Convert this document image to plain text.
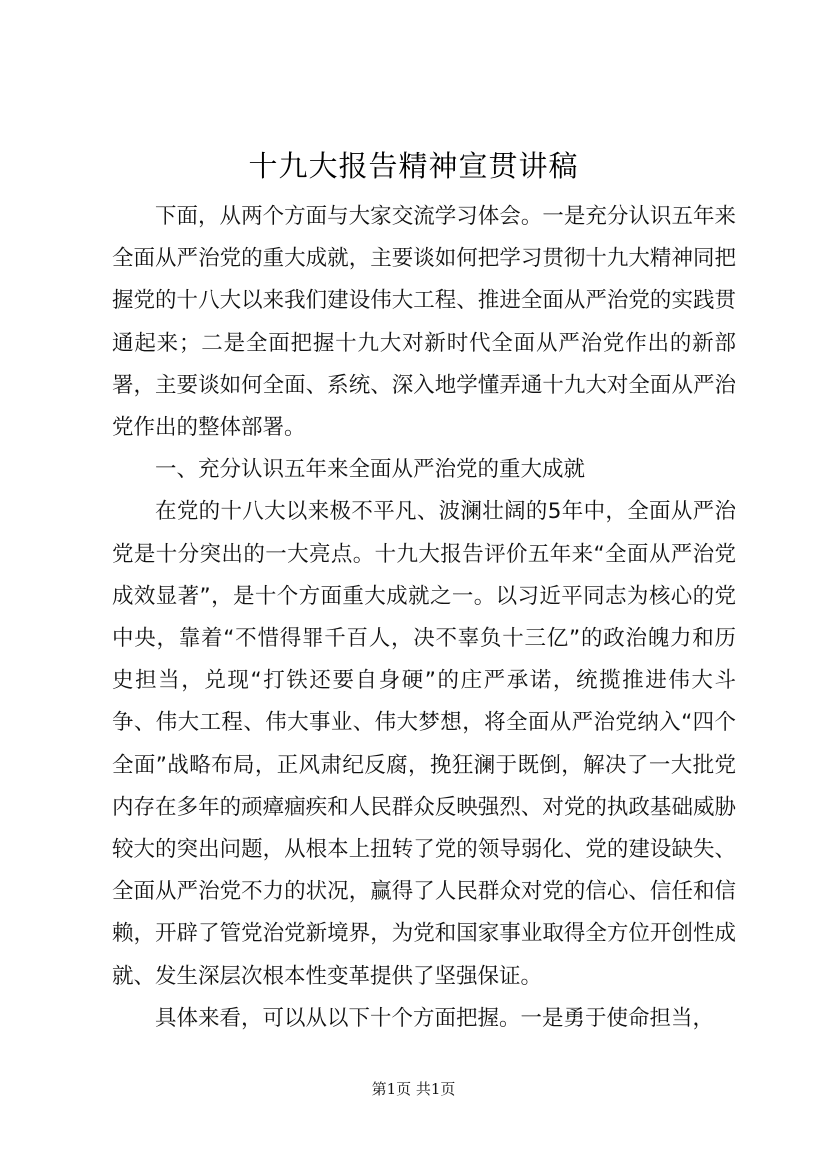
十九大报告精神宣贯讲稿

下面，从两个方面与大家交流学习体会。一是充分认识五年来全面从严治党的重大成就，主要谈如何把学习贯彻十九大精神同把握党的十八大以来我们建设伟大工程、推进全面从严治党的实践贯通起来；二是全面把握十九大对新时代全面从严治党作出的新部署，主要谈如何全面、系统、深入地学懂弄通十九大对全面从严治党作出的整体部署。

一、充分认识五年来全面从严治党的重大成就

在党的十八大以来极不平凡、波澜壮阔的5年中，全面从严治党是十分突出的一大亮点。十九大报告评价五年来“全面从严治党成效显著”，是十个方面重大成就之一。以习近平同志为核心的党中央，靠着“不惜得罪千百人，决不辜负十三亿”的政治魄力和历史担当，兑现“打铁还要自身硬”的庄严承诺，统揽推进伟大斗争、伟大工程、伟大事业、伟大梦想，将全面从严治党纳入“四个全面”战略布局，正风肃纪反腐，挽狂澜于既倒，解决了一大批党内存在多年的顽瘴痼疾和人民群众反映强烈、对党的执政基础威胁较大的突出问题，从根本上扭转了党的领导弱化、党的建设缺失、全面从严治党不力的状况，赢得了人民群众对党的信心、信任和信赖，开辟了管党治党新境界，为党和国家事业取得全方位开创性成就、发生深层次根本性变革提供了坚强保证。

具体来看，可以从以下十个方面把握。一是勇于使命担当，

第1页 共1页
